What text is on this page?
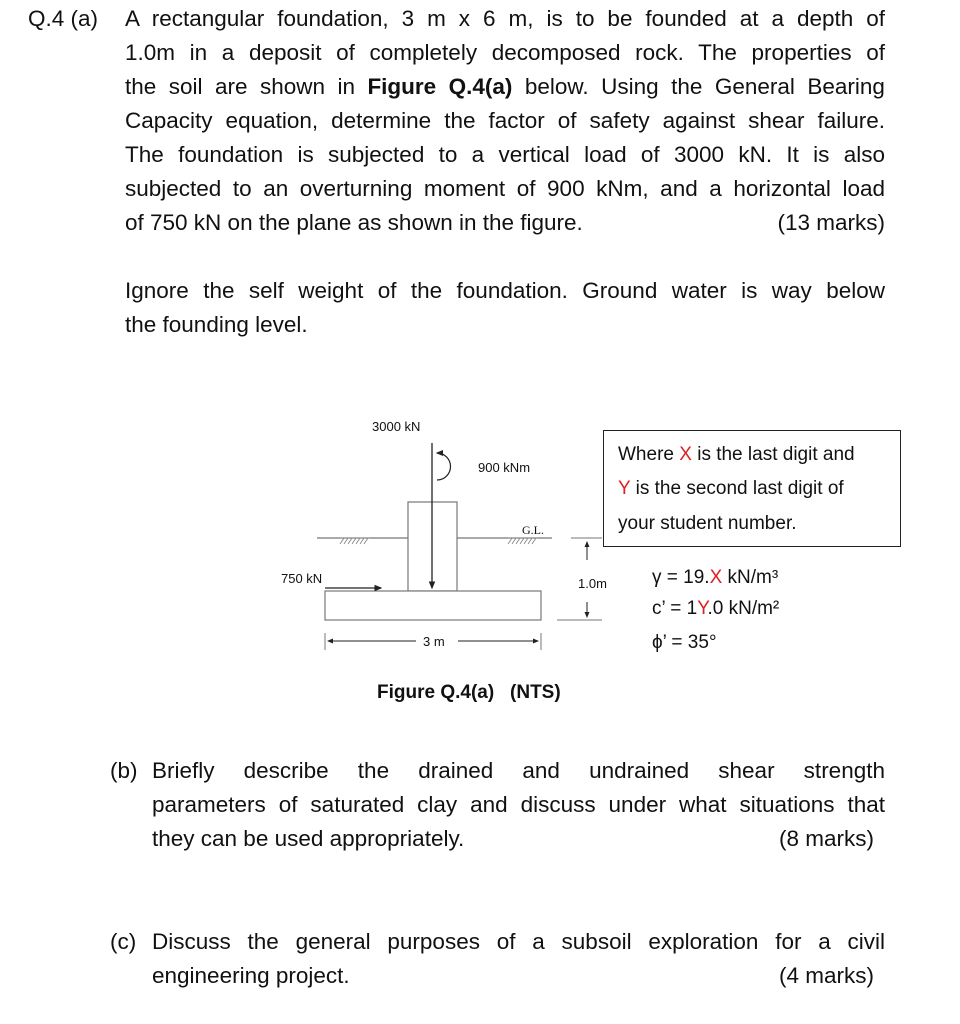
Q.4 (a) A rectangular foundation, 3 m x 6 m, is to be founded at a depth of
1.0m in a deposit of completely decomposed rock. The properties of
the soil are shown in Figure Q.4(a) below. Using the General Bearing
Capacity equation, determine the factor of safety against shear failure.
The foundation is subjected to a vertical load of 3000 kN. It is also
subjected to an overturning moment of 900 kNm, and a horizontal load
of 750 kN on the plane as shown in the figure.	(13 marks)
Ignore the self weight of the foundation. Ground water is way below
the founding level.
3000 kN
900 kNm
G.L.
750 kN	1.0m
3 m
Where X is the last digit and
Y is the second last digit of
your student number.
γ = 19.X kN/m³
c’ = 1Y.0 kN/m²
ϕ’ = 35°
Figure Q.4(a) (NTS)
(b) Briefly describe the drained and undrained shear strength
parameters of saturated clay and discuss under what situations that
they can be used appropriately.	(8 marks)
(c) Discuss the general purposes of a subsoil exploration for a civil
engineering project.	(4 marks)
